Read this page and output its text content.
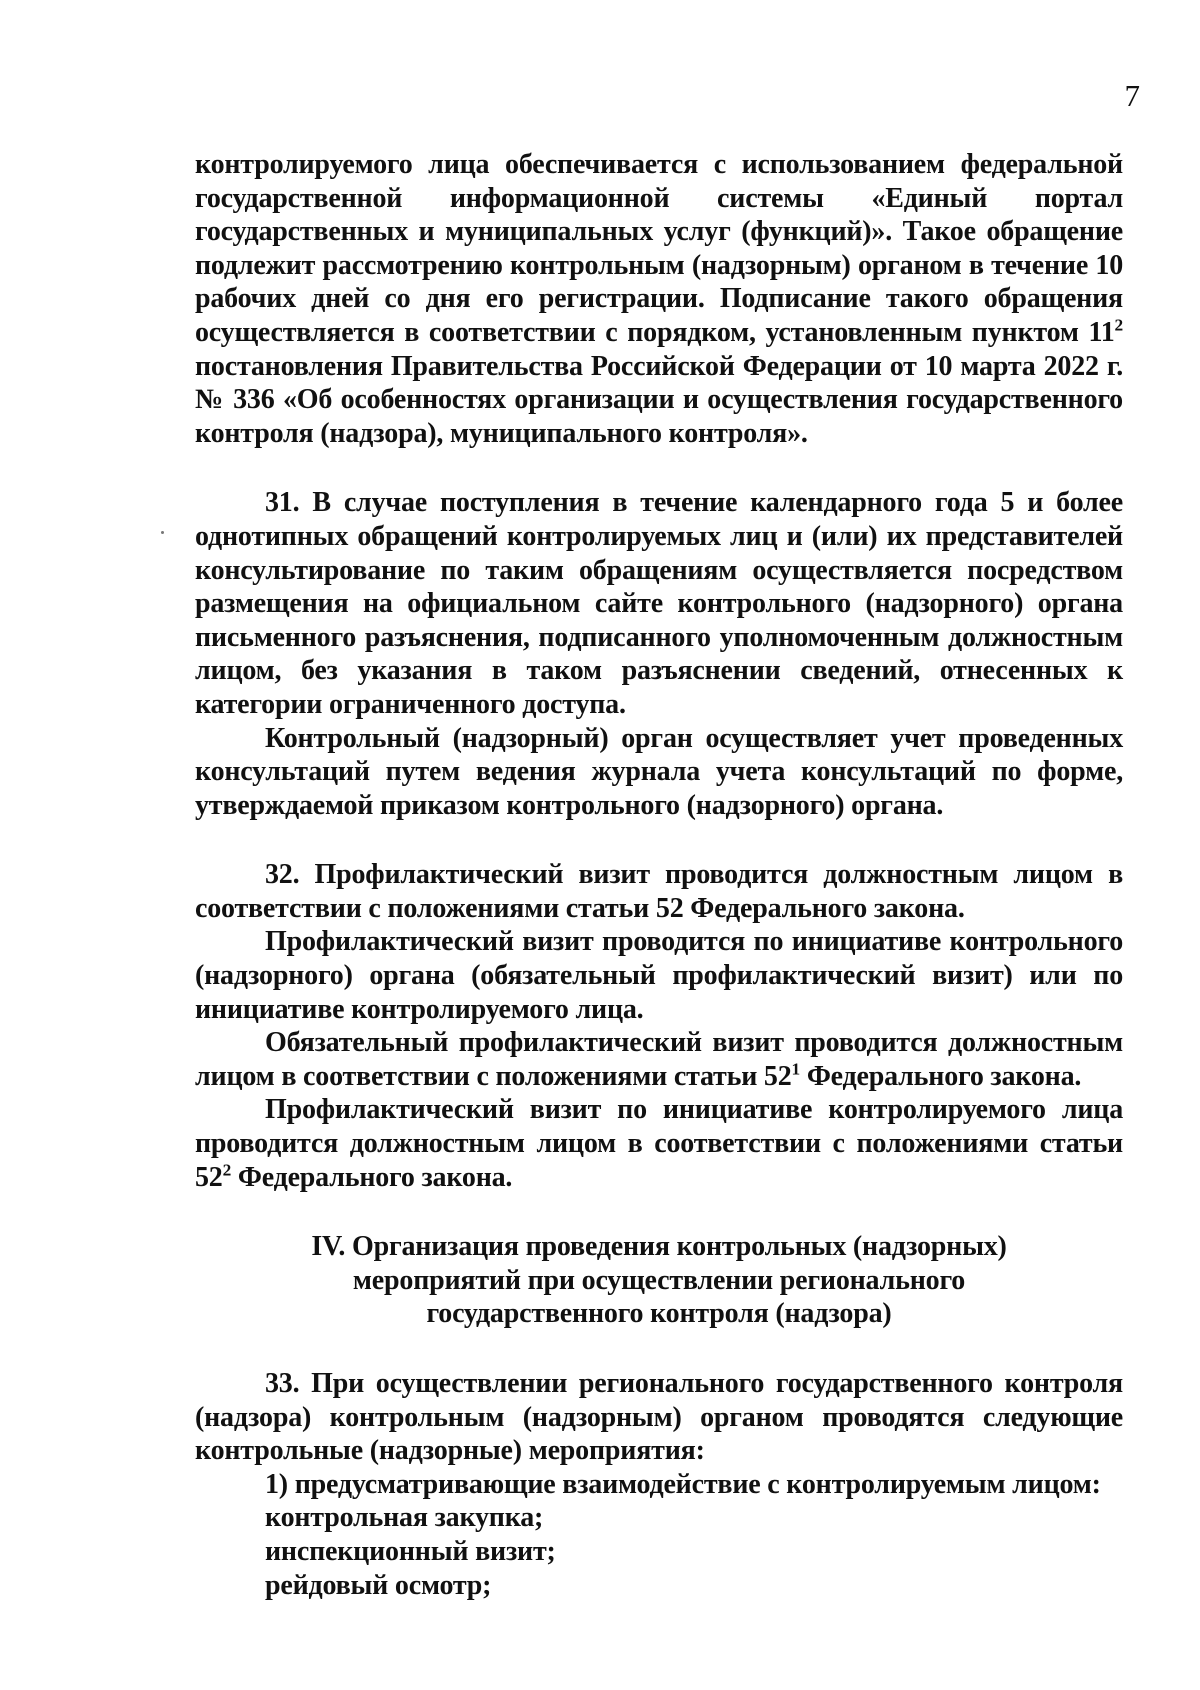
7

контролируемого лица обеспечивается с использованием федеральной государственной информационной системы «Единый портал государственных и муниципальных услуг (функций)». Такое обращение подлежит рассмотрению контрольным (надзорным) органом в течение 10 рабочих дней со дня его регистрации. Подписание такого обращения осуществляется в соответствии с порядком, установленным пунктом $11^2$ постановления Правительства Российской Федерации от 10 марта 2022 г. № 336 «Об особенностях организации и осуществления государственного контроля (надзора), муниципального контроля».

31. В случае поступления в течение календарного года 5 и более однотипных обращений контролируемых лиц и (или) их представителей консультирование по таким обращениям осуществляется посредством размещения на официальном сайте контрольного (надзорного) органа письменного разъяснения, подписанного уполномоченным должностным лицом, без указания в таком разъяснении сведений, отнесенных к категории ограниченного доступа.

Контрольный (надзорный) орган осуществляет учет проведенных консультаций путем ведения журнала учета консультаций по форме, утверждаемой приказом контрольного (надзорного) органа.

32. Профилактический визит проводится должностным лицом в соответствии с положениями статьи 52 Федерального закона.

Профилактический визит проводится по инициативе контрольного (надзорного) органа (обязательный профилактический визит) или по инициативе контролируемого лица.

Обязательный профилактический визит проводится должностным лицом в соответствии с положениями статьи $52^1$ Федерального закона.

Профилактический визит по инициативе контролируемого лица проводится должностным лицом в соответствии с положениями статьи $52^2$ Федерального закона.

IV. Организация проведения контрольных (надзорных)
мероприятий при осуществлении регионального
государственного контроля (надзора)

33. При осуществлении регионального государственного контроля (надзора) контрольным (надзорным) органом проводятся следующие контрольные (надзорные) мероприятия:

1) предусматривающие взаимодействие с контролируемым лицом:

контрольная закупка;

инспекционный визит;

рейдовый осмотр;
